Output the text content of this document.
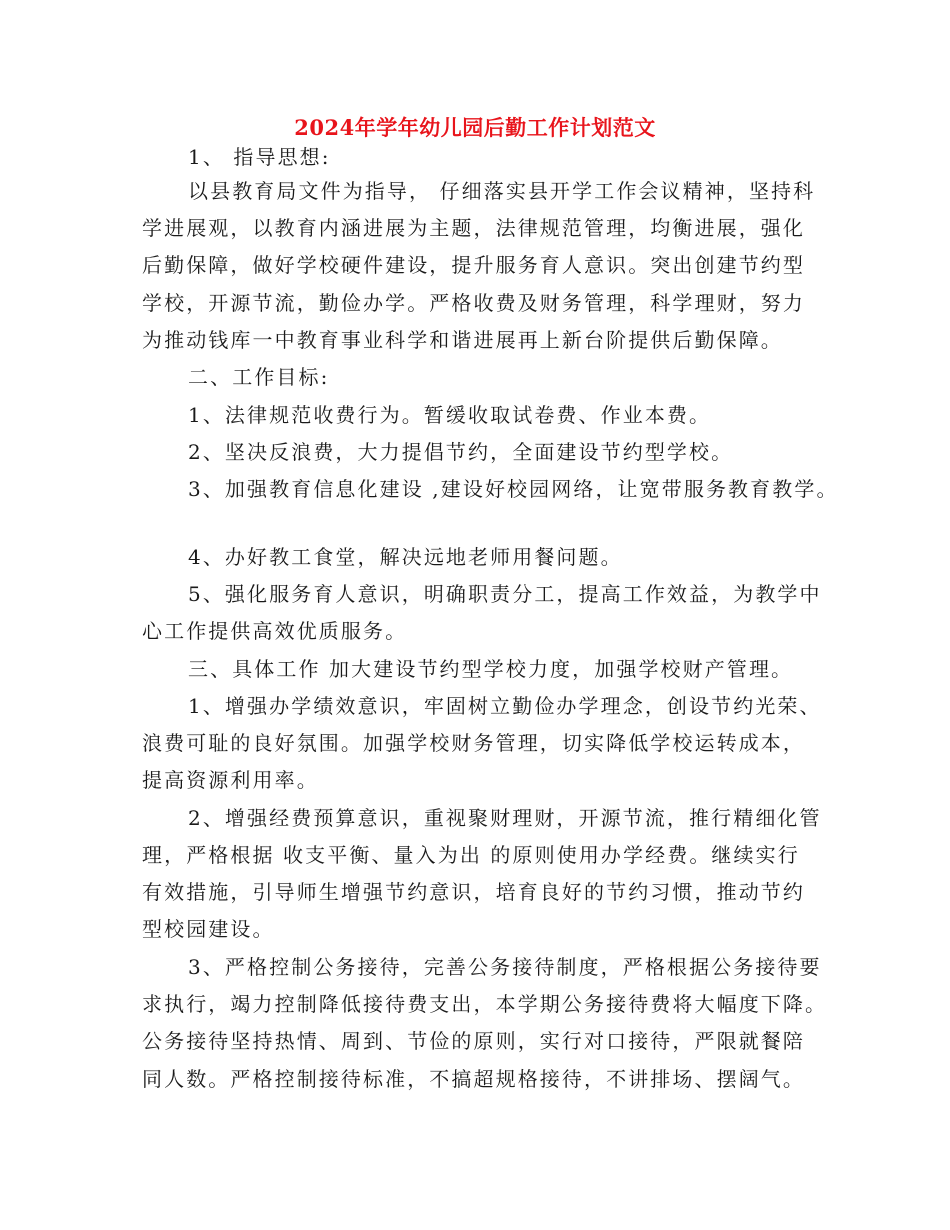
2024年学年幼儿园后勤工作计划范文
1、 指导思想:
以县教育局文件为指导， 仔细落实县开学工作会议精神，坚持科
学进展观，以教育内涵进展为主题，法律规范管理，均衡进展，强化
后勤保障，做好学校硬件建设，提升服务育人意识。突出创建节约型
学校，开源节流，勤俭办学。严格收费及财务管理，科学理财，努力
为推动钱库一中教育事业科学和谐进展再上新台阶提供后勤保障。
二、工作目标:
1、法律规范收费行为。暂缓收取试卷费、作业本费。
2、坚决反浪费，大力提倡节约，全面建设节约型学校。
3、加强教育信息化建设 ,建设好校园网络，让宽带服务教育教学。
4、办好教工食堂，解决远地老师用餐问题。
5、强化服务育人意识，明确职责分工，提高工作效益，为教学中
心工作提供高效优质服务。
三、具体工作 加大建设节约型学校力度，加强学校财产管理。
1、增强办学绩效意识，牢固树立勤俭办学理念，创设节约光荣、
浪费可耻的良好氛围。加强学校财务管理，切实降低学校运转成本，
提高资源利用率。
2、增强经费预算意识，重视聚财理财，开源节流，推行精细化管
理，严格根据 收支平衡、量入为出 的原则使用办学经费。继续实行
有效措施，引导师生增强节约意识，培育良好的节约习惯，推动节约
型校园建设。
3、严格控制公务接待，完善公务接待制度，严格根据公务接待要
求执行，竭力控制降低接待费支出，本学期公务接待费将大幅度下降。
公务接待坚持热情、周到、节俭的原则，实行对口接待，严限就餐陪
同人数。严格控制接待标准，不搞超规格接待，不讲排场、摆阔气。
